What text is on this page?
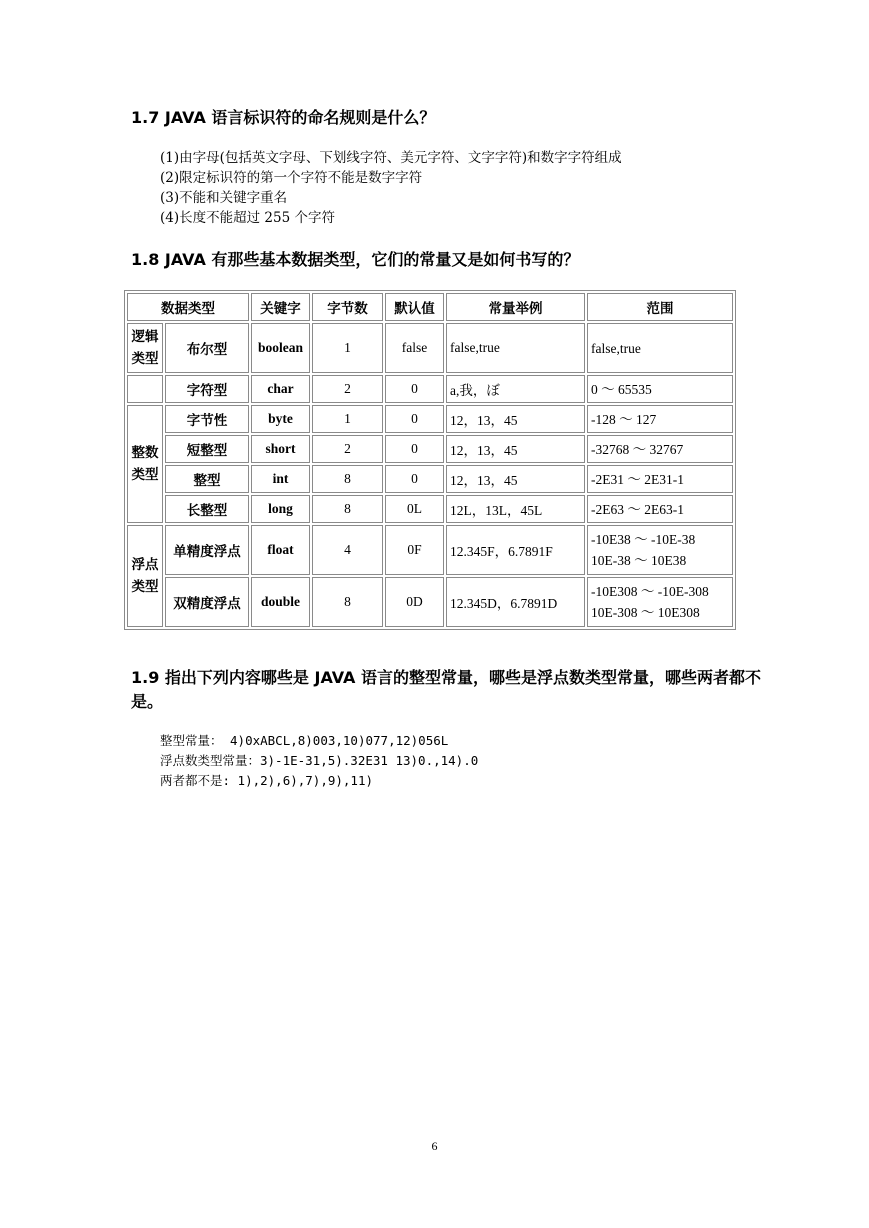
1.7 JAVA 语言标识符的命名规则是什么？
(1)由字母(包括英文字母、下划线字符、美元字符、文字字符)和数字字符组成
(2)限定标识符的第一个字符不能是数字字符
(3)不能和关键字重名
(4)长度不能超过 255 个字符
1.8 JAVA 有那些基本数据类型，它们的常量又是如何书写的？
数据类型		关键字	字节数	默认值	常量举例	范围
逻辑类型	布尔型	boolean	1	false	false,true	false,true

	字符型	char	2	0	a,我，ぼ	0 ～ 65535

整数类型	字节性	byte	1	0	12，13，45	-128 ～ 127

	短整型	short	2	0	12，13，45	-32768 ～ 32767

	整型	int	8	0	12，13，45	-2E31 ～ 2E31-1

	长整型	long	8	0L	12L，13L，45L	-2E63 ～ 2E63-1

浮点类型	单精度浮点	float	4	0F	12.345F，6.7891F	-10E38 ～ -10E-38
10E-38 ～ 10E38

	双精度浮点	double	8	0D	12.345D，6.7891D	-10E308 ～ -10E-308
10E-308 ～ 10E308
1.9 指出下列内容哪些是 JAVA 语言的整型常量，哪些是浮点数类型常量，哪些两者都不是。
整型常量： 4)0xABCL,8)003,10)077,12)056L
浮点数类型常量：3)-1E-31,5).32E31 13)0.,14).0
两者都不是: 1),2),6),7),9),11)
6
